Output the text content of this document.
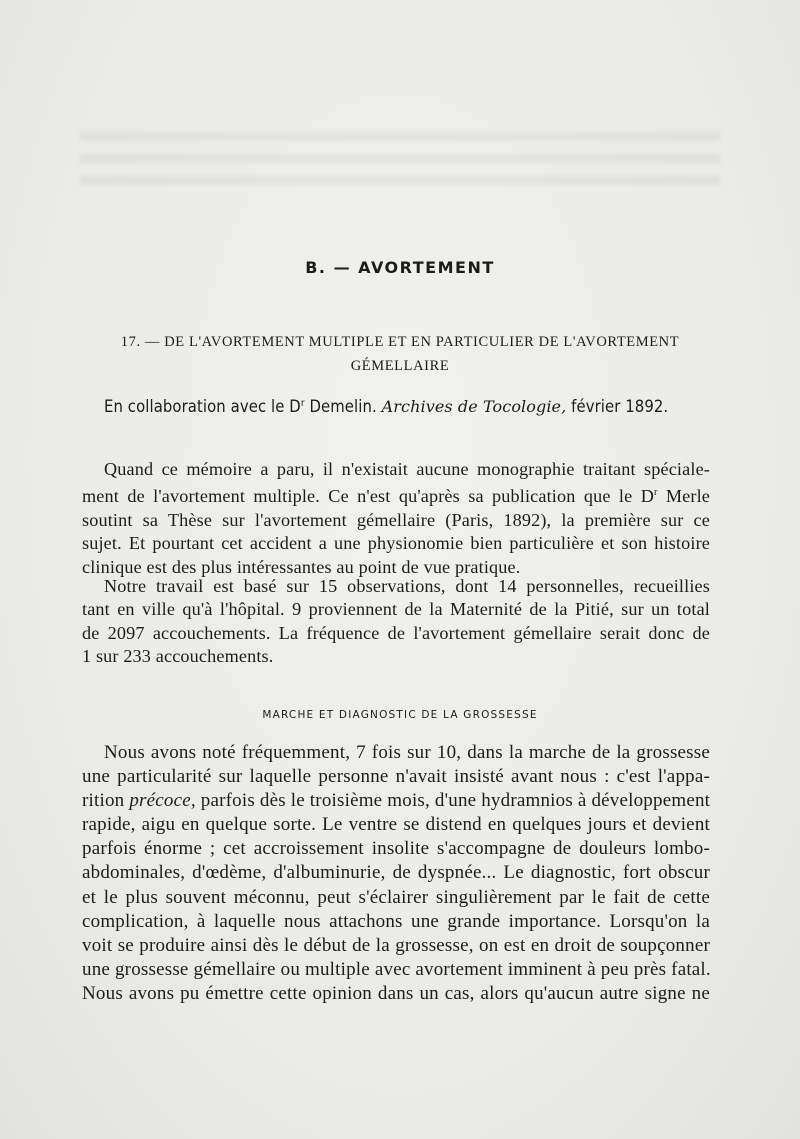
B. — AVORTEMENT
17. — DE L'AVORTEMENT MULTIPLE ET EN PARTICULIER DE L'AVORTEMENT
GÉMELLAIRE
En collaboration avec le $D^r$ Demelin. Archives de Tocologie, février 1892.
Quand ce mémoire a paru, il n'existait aucune monographie traitant spéciale-
ment de l'avortement multiple. Ce n'est qu'après sa publication que le $D^r$ Merle
soutint sa Thèse sur l'avortement gémellaire (Paris, 1892), la première sur ce
sujet. Et pourtant cet accident a une physionomie bien particulière et son histoire
clinique est des plus intéressantes au point de vue pratique.
Notre travail est basé sur 15 observations, dont 14 personnelles, recueillies
tant en ville qu'à l'hôpital. 9 proviennent de la Maternité de la Pitié, sur un total
de 2097 accouchements. La fréquence de l'avortement gémellaire serait donc de
1 sur 233 accouchements.
MARCHE ET DIAGNOSTIC DE LA GROSSESSE
Nous avons noté fréquemment, 7 fois sur 10, dans la marche de la grossesse
une particularité sur laquelle personne n'avait insisté avant nous : c'est l'appa-
rition précoce, parfois dès le troisième mois, d'une hydramnios à développement
rapide, aigu en quelque sorte. Le ventre se distend en quelques jours et devient
parfois énorme ; cet accroissement insolite s'accompagne de douleurs lombo-
abdominales, d'œdème, d'albuminurie, de dyspnée... Le diagnostic, fort obscur
et le plus souvent méconnu, peut s'éclairer singulièrement par le fait de cette
complication, à laquelle nous attachons une grande importance. Lorsqu'on la
voit se produire ainsi dès le début de la grossesse, on est en droit de soupçonner
une grossesse gémellaire ou multiple avec avortement imminent à peu près fatal.
Nous avons pu émettre cette opinion dans un cas, alors qu'aucun autre signe ne
